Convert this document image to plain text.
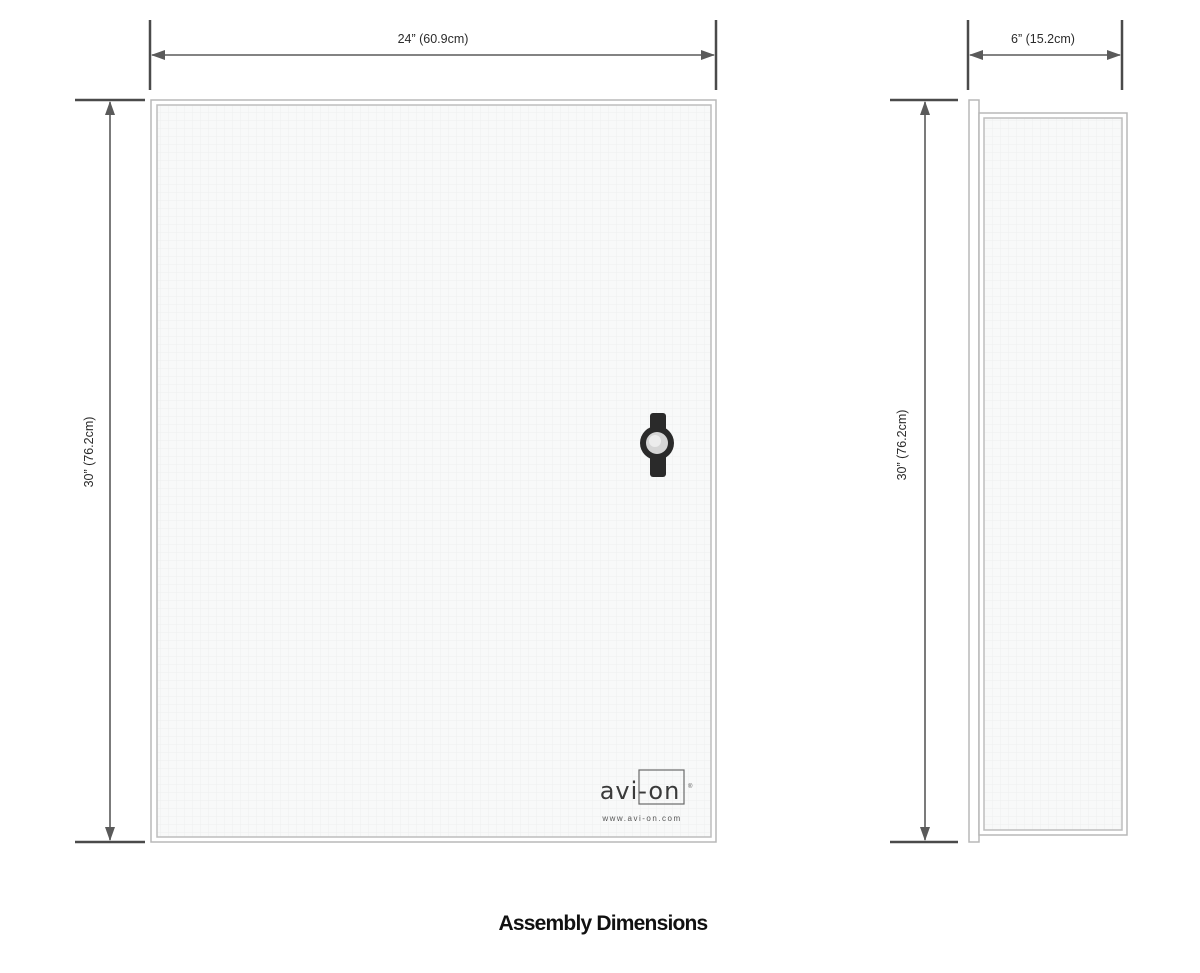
24” (60.9cm)
30” (76.2cm)
avi-on ®
www.avi-on.com
6” (15.2cm)
30” (76.2cm)
Assembly Dimensions
